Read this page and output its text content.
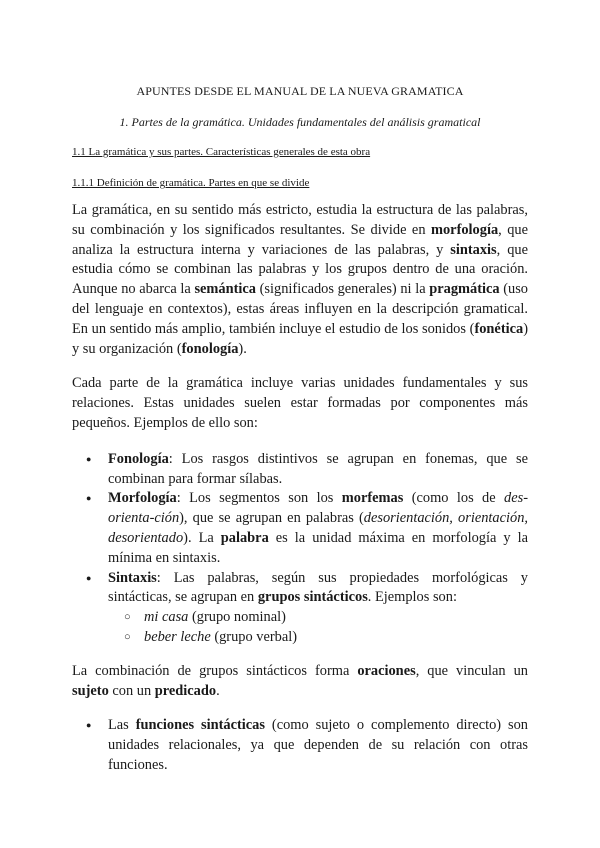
APUNTES DESDE EL MANUAL DE LA NUEVA GRAMATICA
1. Partes de la gramática. Unidades fundamentales del análisis gramatical
1.1 La gramática y sus partes. Características generales de esta obra
1.1.1 Definición de gramática. Partes en que se divide

La gramática, en su sentido más estricto, estudia la estructura de las palabras, su combinación y los significados resultantes. Se divide en morfología, que analiza la estructura interna y variaciones de las palabras, y sintaxis, que estudia cómo se combinan las palabras y los grupos dentro de una oración. Aunque no abarca la semántica (significados generales) ni la pragmática (uso del lenguaje en contextos), estas áreas influyen en la descripción gramatical. En un sentido más amplio, también incluye el estudio de los sonidos (fonética) y su organización (fonología).

Cada parte de la gramática incluye varias unidades fundamentales y sus relaciones. Estas unidades suelen estar formadas por componentes más pequeños. Ejemplos de ello son:

● Fonología: Los rasgos distintivos se agrupan en fonemas, que se combinan para formar sílabas.
● Morfología: Los segmentos son los morfemas (como los de des-orienta-ción), que se agrupan en palabras (desorientación, orientación, desorientado). La palabra es la unidad máxima en morfología y la mínima en sintaxis.
● Sintaxis: Las palabras, según sus propiedades morfológicas y sintácticas, se agrupan en grupos sintácticos. Ejemplos son:
○ mi casa (grupo nominal)
○ beber leche (grupo verbal)

La combinación de grupos sintácticos forma oraciones, que vinculan un sujeto con un predicado.

● Las funciones sintácticas (como sujeto o complemento directo) son unidades relacionales, ya que dependen de su relación con otras funciones.
